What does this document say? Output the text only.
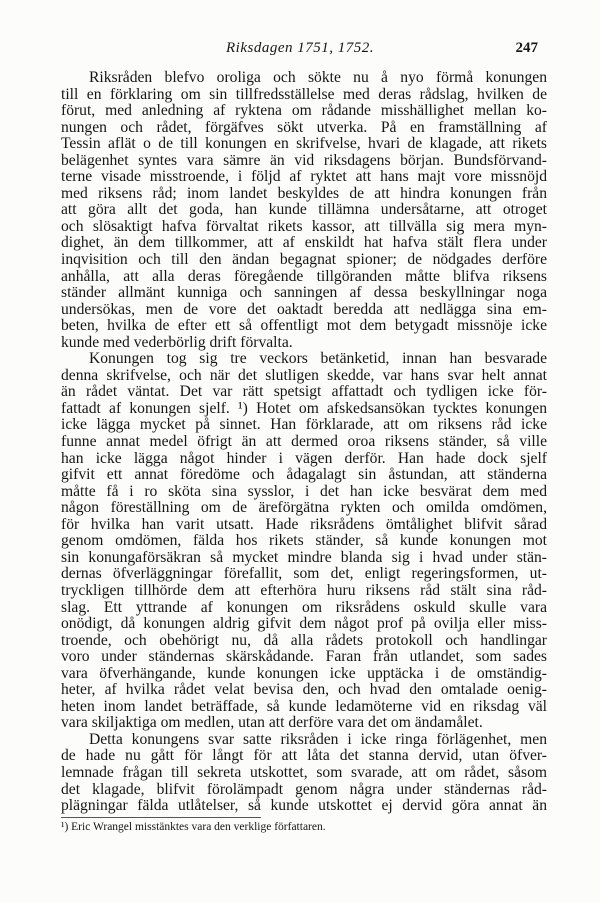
Riksdagen 1751, 1752.	247
Riksråden blefvo oroliga och sökte nu å nyo förmå konungen
till en förklaring om sin tillfredsställelse med deras rådslag, hvilken de
förut, med anledning af ryktena om rådande misshällighet mellan ko-
nungen och rådet, förgäfves sökt utverka. På en framställning af
Tessin aflät o de till konungen en skrifvelse, hvari de klagade, att rikets
belägenhet syntes vara sämre än vid riksdagens början. Bundsförvand-
terne visade misstroende, i följd af ryktet att hans majt vore missnöjd
med riksens råd; inom landet beskyldes de att hindra konungen från
att göra allt det goda, han kunde tillämna undersåtarne, att otroget
och slösaktigt hafva förvaltat rikets kassor, att tillvälla sig mera myn-
dighet, än dem tillkommer, att af enskildt hat hafva stält flera under
inqvisition och till den ändan begagnat spioner; de nödgades derföre
anhålla, att alla deras föregående tillgöranden måtte blifva riksens
ständer allmänt kunniga och sanningen af dessa beskyllningar noga
undersökas, men de vore det oaktadt beredda att nedlägga sina em-
beten, hvilka de efter ett så offentligt mot dem betygadt missnöje icke
kunde med vederbörlig drift förvalta.
Konungen tog sig tre veckors betänketid, innan han besvarade
denna skrifvelse, och när det slutligen skedde, var hans svar helt annat
än rådet väntat. Det var rätt spetsigt affattadt och tydligen icke för-
fattadt af konungen sjelf. ¹) Hotet om afskedsansökan tycktes konungen
icke lägga mycket på sinnet. Han förklarade, att om riksens råd icke
funne annat medel öfrigt än att dermed oroa riksens ständer, så ville
han icke lägga något hinder i vägen derför. Han hade dock sjelf
gifvit ett annat föredöme och ådagalagt sin åstundan, att ständerna
måtte få i ro sköta sina sysslor, i det han icke besvärat dem med
någon föreställning om de äreförgätna rykten och omilda omdömen,
för hvilka han varit utsatt. Hade riksrådens ömtålighet blifvit sårad
genom omdömen, fälda hos rikets ständer, så kunde konungen mot
sin konungaförsäkran så mycket mindre blanda sig i hvad under stän-
dernas öfverläggningar förefallit, som det, enligt regeringsformen, ut-
tryckligen tillhörde dem att efterhöra huru riksens råd stält sina råd-
slag. Ett yttrande af konungen om riksrådens oskuld skulle vara
onödigt, då konungen aldrig gifvit dem något prof på ovilja eller miss-
troende, och obehörigt nu, då alla rådets protokoll och handlingar
voro under ständernas skärskådande. Faran från utlandet, som sades
vara öfverhängande, kunde konungen icke upptäcka i de omständig-
heter, af hvilka rådet velat bevisa den, och hvad den omtalade oenig-
heten inom landet beträffade, så kunde ledamöterne vid en riksdag väl
vara skiljaktiga om medlen, utan att derföre vara det om ändamålet.
Detta konungens svar satte riksråden i icke ringa förlägenhet, men
de hade nu gått för långt för att låta det stanna dervid, utan öfver-
lemnade frågan till sekreta utskottet, som svarade, att om rådet, såsom
det klagade, blifvit förolämpadt genom några under ständernas råd-
plägningar fälda utlåtelser, så kunde utskottet ej dervid göra annat än
¹) Eric Wrangel misstänktes vara den verklige författaren.
